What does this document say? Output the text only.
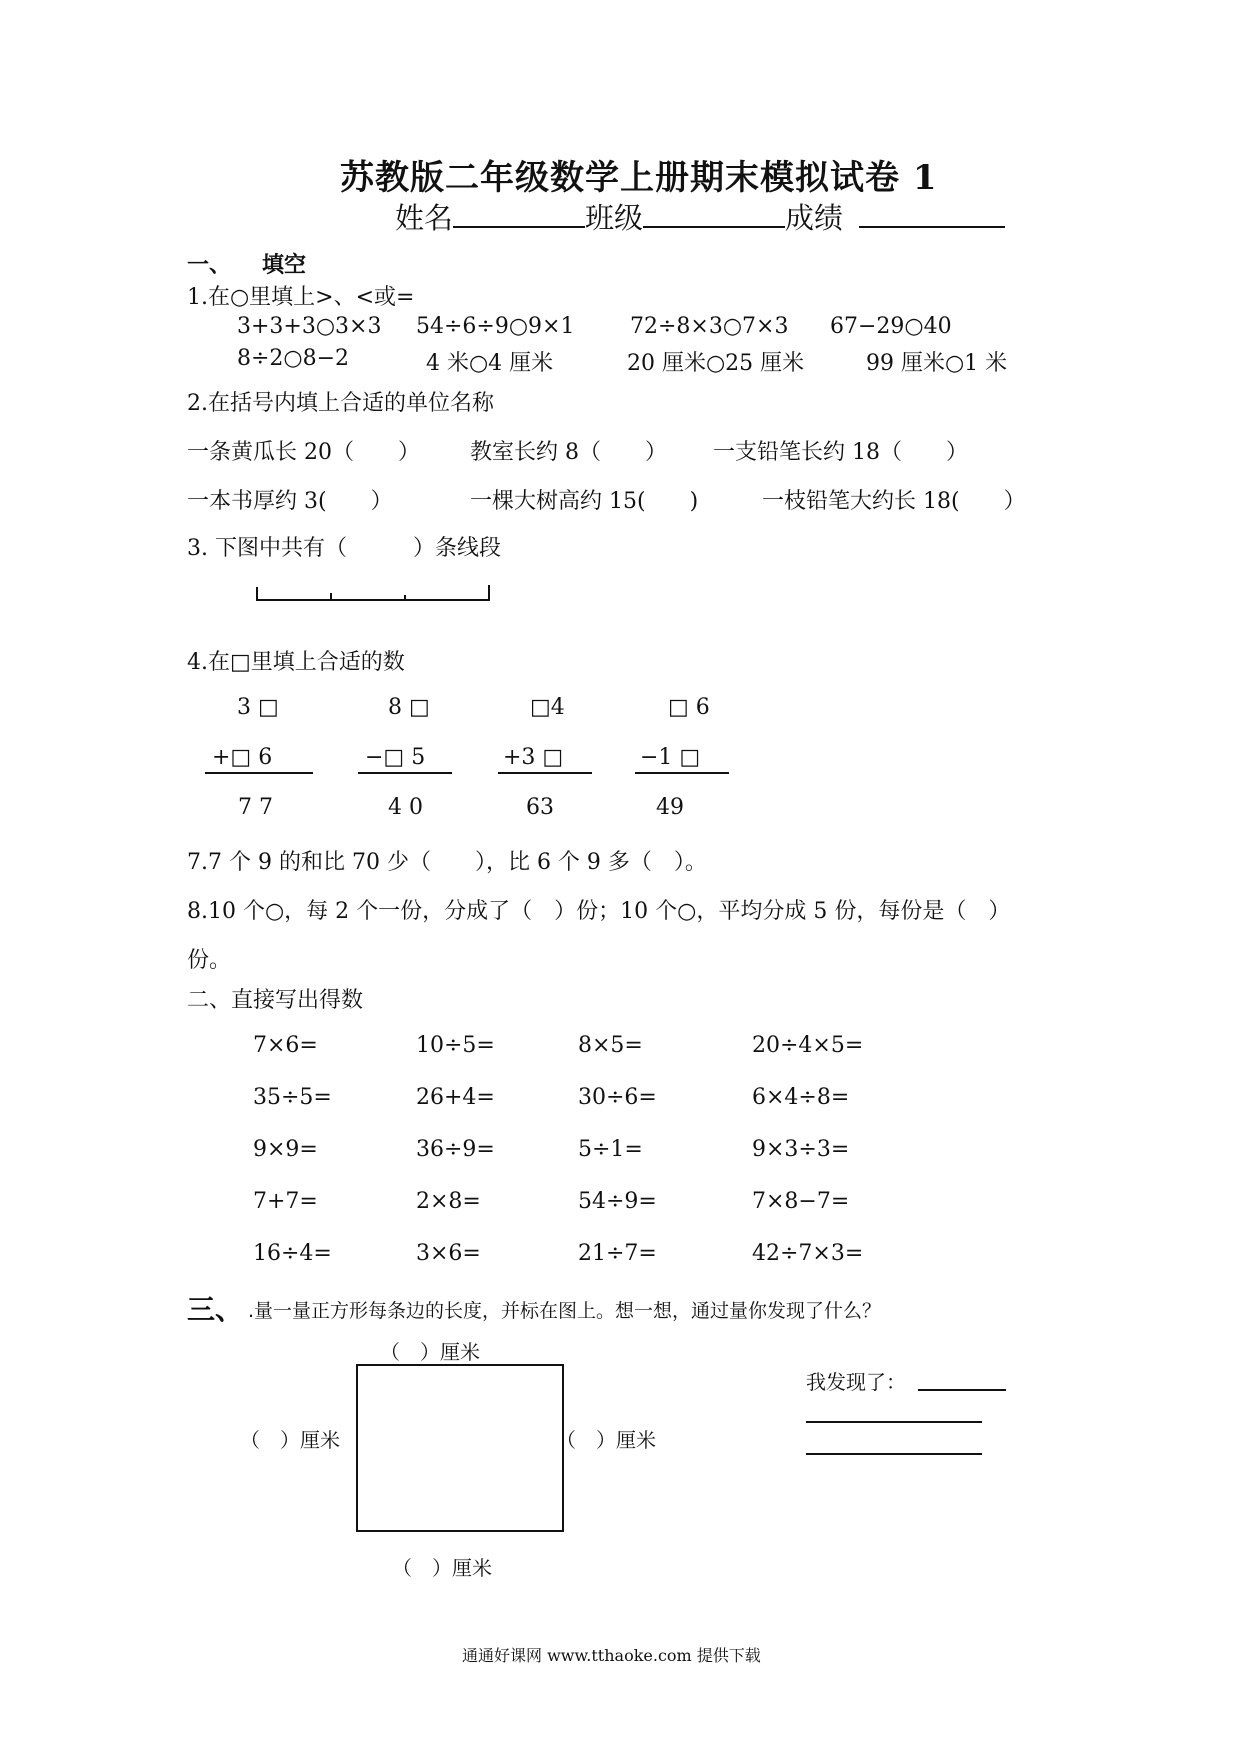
苏教版二年级数学上册期末模拟试卷 1
姓名	班级	成绩
一、 填空
1.在○里填上>、<或=
3+3+3○3×3 54÷6÷9○9×1	72÷8×3○7×3 67−29○40
8÷2○8−2	4 米○4 厘米	20 厘米○25 厘米	99 厘米○1 米
2.在括号内填上合适的单位名称
一条黄瓜长 20（　　） 教室长约 8（　　） 一支铅笔长约 18（　　）
一本书厚约 3(　　）	一棵大树高约 15(　　)	一枝铅笔大约长 18(　　）
3. 下图中共有（　　　）条线段
4.在□里填上合适的数
3 □
+□ 6
7 7
8 □
−□ 5
4 0
□4
+3 □
63
□ 6
−1 □
49
7.7 个 9 的和比 70 少（　　），比 6 个 9 多（　）。
8.10 个○，每 2 个一份，分成了（　）份；10 个○，平均分成 5 份，每份是（　）
份。
二、直接写出得数
7×6=	10÷5=	8×5=	20÷4×5=
35÷5=	26+4=	30÷6=	6×4÷8=
9×9=	36÷9=	5÷1=	9×3÷3=
7+7=	2×8=	54÷9=	7×8−7=
16÷4=	3×6=	21÷7=	42÷7×3=
三、 .量一量正方形每条边的长度，并标在图上。想一想，通过量你发现了什么？
（　）厘米
（　）厘米	（　）厘米
（　）厘米
我发现了：
通通好课网 www.tthaoke.com 提供下载
